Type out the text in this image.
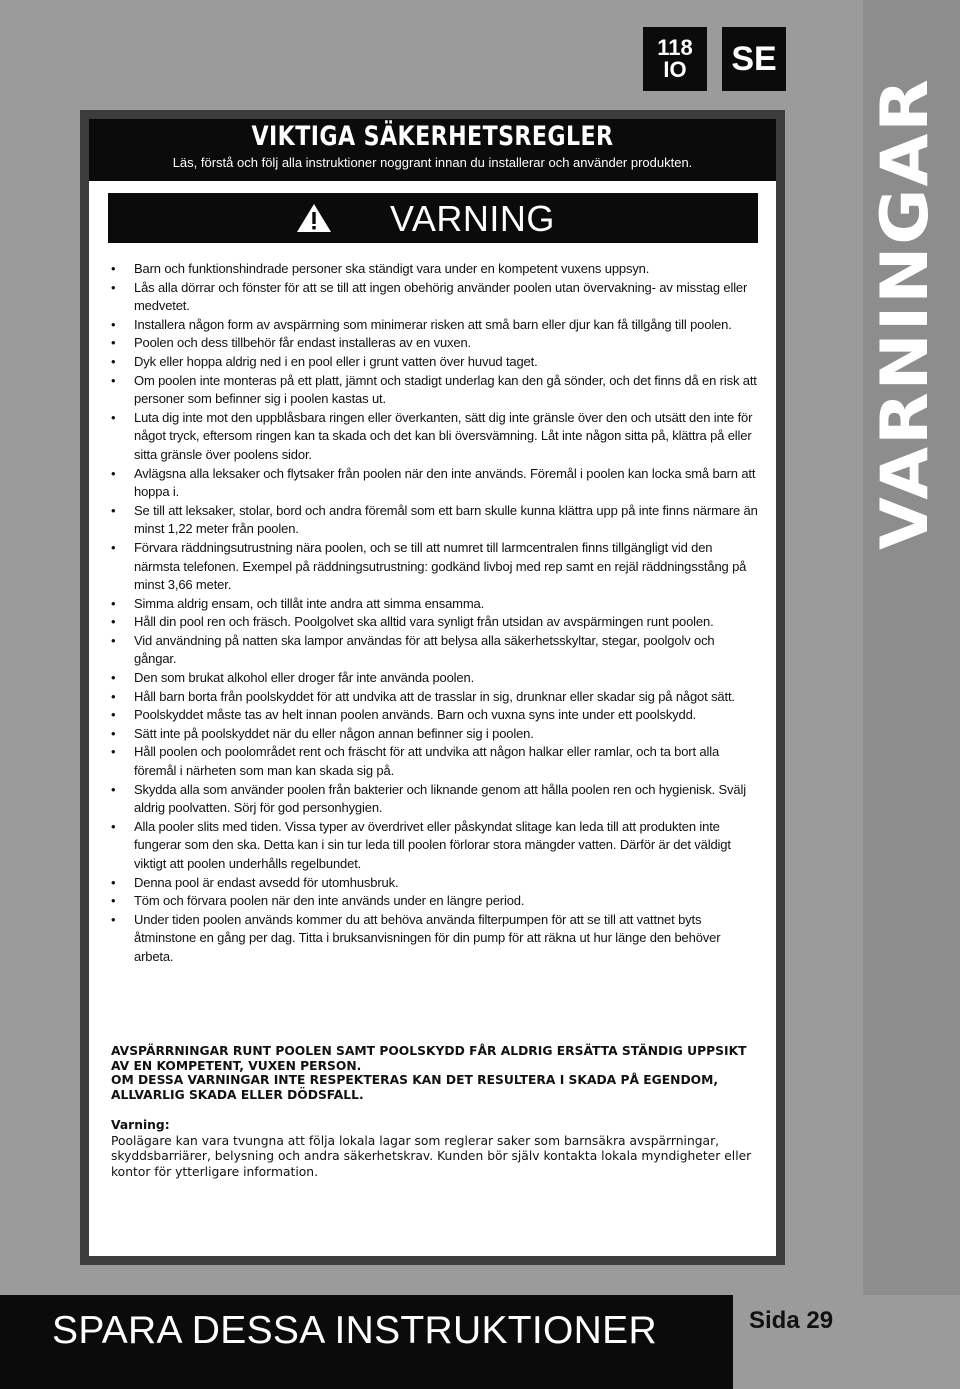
VARNINGAR
118
IO SE
VIKTIGA SÄKERHETSREGLER
Läs, förstå och följ alla instruktioner noggrant innan du installerar och använder produkten.
VARNING
• Barn och funktionshindrade personer ska ständigt vara under en kompetent vuxens uppsyn.
• Lås alla dörrar och fönster för att se till att ingen obehörig använder poolen utan övervakning- av misstag eller medvetet.
• Installera någon form av avspärrning som minimerar risken att små barn eller djur kan få tillgång till poolen.
• Poolen och dess tillbehör får endast installeras av en vuxen.
• Dyk eller hoppa aldrig ned i en pool eller i grunt vatten över huvud taget.
• Om poolen inte monteras på ett platt, jämnt och stadigt underlag kan den gå sönder, och det finns då en risk att personer som befinner sig i poolen kastas ut.
• Luta dig inte mot den uppblåsbara ringen eller överkanten, sätt dig inte gränsle över den och utsätt den inte för något tryck, eftersom ringen kan ta skada och det kan bli översvämning. Låt inte någon sitta på, klättra på eller sitta gränsle över poolens sidor.
• Avlägsna alla leksaker och flytsaker från poolen när den inte används. Föremål i poolen kan locka små barn att hoppa i.
• Se till att leksaker, stolar, bord och andra föremål som ett barn skulle kunna klättra upp på inte finns närmare än minst 1,22 meter från poolen.
• Förvara räddningsutrustning nära poolen, och se till att numret till larmcentralen finns tillgängligt vid den närmsta telefonen. Exempel på räddningsutrustning: godkänd livboj med rep samt en rejäl räddningsstång på minst 3,66 meter.
• Simma aldrig ensam, och tillåt inte andra att simma ensamma.
• Håll din pool ren och fräsch. Poolgolvet ska alltid vara synligt från utsidan av avspärmingen runt poolen.
• Vid användning på natten ska lampor användas för att belysa alla säkerhetsskyltar, stegar, poolgolv och gångar.
• Den som brukat alkohol eller droger får inte använda poolen.
• Håll barn borta från poolskyddet för att undvika att de trasslar in sig, drunknar eller skadar sig på något sätt.
• Poolskyddet måste tas av helt innan poolen används. Barn och vuxna syns inte under ett poolskydd.
• Sätt inte på poolskyddet när du eller någon annan befinner sig i poolen.
• Håll poolen och poolområdet rent och fräscht för att undvika att någon halkar eller ramlar, och ta bort alla föremål i närheten som man kan skada sig på.
• Skydda alla som använder poolen från bakterier och liknande genom att hålla poolen ren och hygienisk. Svälj aldrig poolvatten. Sörj för god personhygien.
• Alla pooler slits med tiden. Vissa typer av överdrivet eller påskyndat slitage kan leda till att produkten inte fungerar som den ska. Detta kan i sin tur leda till poolen förlorar stora mängder vatten. Därför är det väldigt viktigt att poolen underhålls regelbundet.
• Denna pool är endast avsedd för utomhusbruk.
• Töm och förvara poolen när den inte används under en längre period.
• Under tiden poolen används kommer du att behöva använda filterpumpen för att se till att vattnet byts åtminstone en gång per dag. Titta i bruksanvisningen för din pump för att räkna ut hur länge den behöver arbeta.

AVSPÄRRNINGAR RUNT POOLEN SAMT POOLSKYDD FÅR ALDRIG ERSÄTTA STÄNDIG UPPSIKT AV EN KOMPETENT, VUXEN PERSON.

OM DESSA VARNINGAR INTE RESPEKTERAS KAN DET RESULTERA I SKADA PÅ EGENDOM, ALLVARLIG SKADA ELLER DÖDSFALL.

Varning:
Poolägare kan vara tvungna att följa lokala lagar som reglerar saker som barnsäkra avspärrningar, skyddsbarriärer, belysning och andra säkerhetskrav. Kunden bör själv kontakta lokala myndigheter eller kontor för ytterligare information.
SPARA DESSA INSTRUKTIONER	Sida 29
